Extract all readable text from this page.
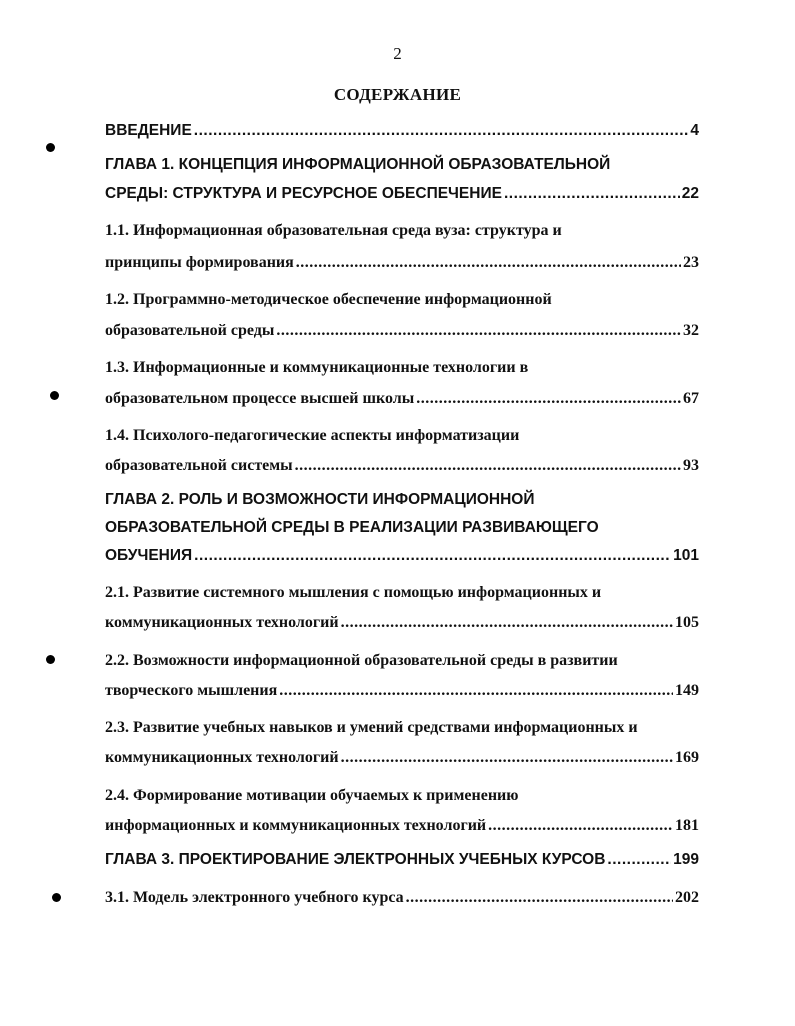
2
СОДЕРЖАНИЕ
ВВЕДЕНИЕ .....	4
ГЛАВА 1. КОНЦЕПЦИЯ ИНФОРМАЦИОННОЙ ОБРАЗОВАТЕЛЬНОЙ
СРЕДЫ: СТРУКТУРА И РЕСУРСНОЕ ОБЕСПЕЧЕНИЕ .....	22
1.1. Информационная образовательная среда вуза: структура и
принципы формирования .....	23
1.2. Программно-методическое обеспечение информационной
образовательной среды .....	32
1.3. Информационные и коммуникационные технологии в
образовательном процессе высшей школы .....	67
1.4. Психолого-педагогические аспекты информатизации
образовательной системы .....	93
ГЛАВА 2. РОЛЬ И ВОЗМОЖНОСТИ ИНФОРМАЦИОННОЙ
ОБРАЗОВАТЕЛЬНОЙ СРЕДЫ В РЕАЛИЗАЦИИ РАЗВИВАЮЩЕГО
ОБУЧЕНИЯ .....	101
2.1. Развитие системного мышления с помощью информационных и
коммуникационных технологий .....	105
2.2. Возможности информационной образовательной среды в развитии
творческого мышления .....	149
2.3. Развитие учебных навыков и умений средствами информационных и
коммуникационных технологий .....	169
2.4. Формирование мотивации обучаемых к применению
информационных и коммуникационных технологий .....	181
ГЛАВА 3. ПРОЕКТИРОВАНИЕ ЭЛЕКТРОННЫХ УЧЕБНЫХ КУРСОВ .....	199
3.1. Модель электронного учебного курса .....	202
